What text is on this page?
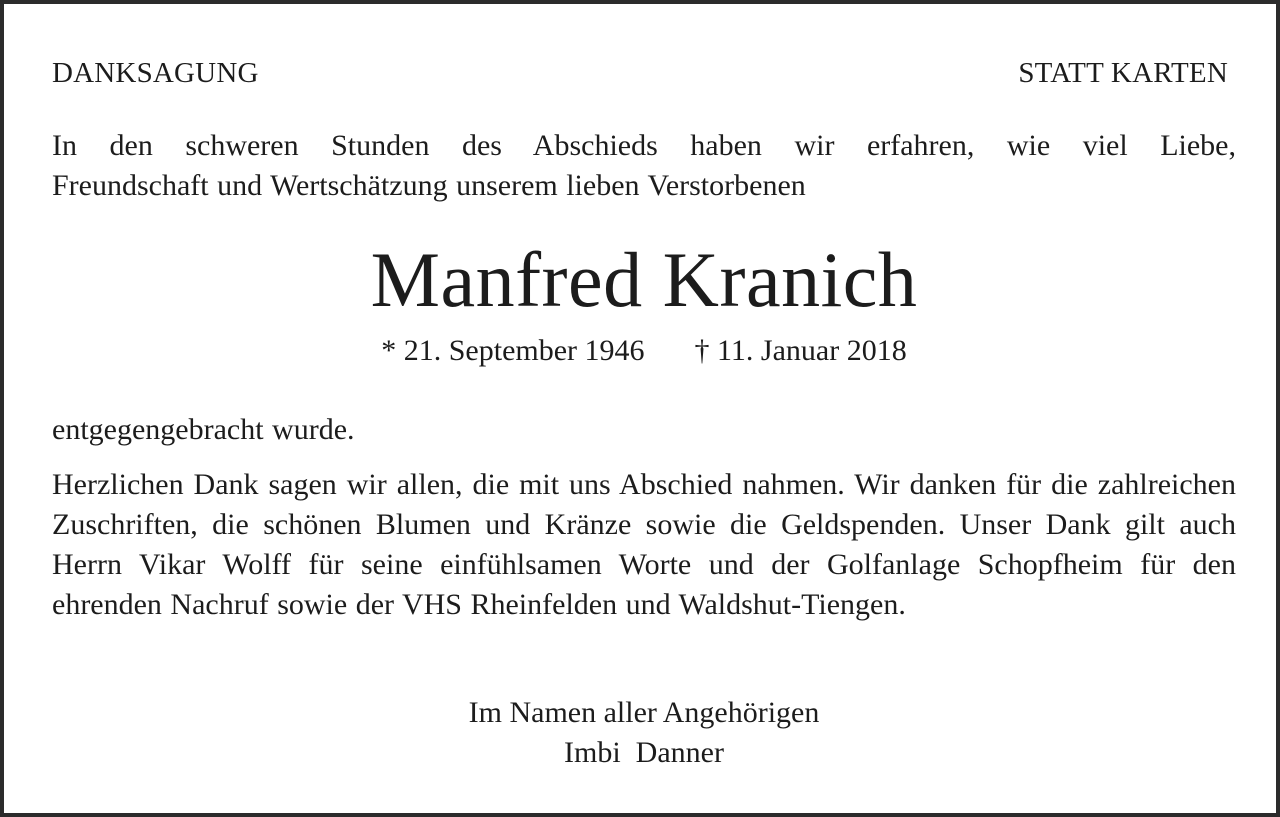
DANKSAGUNG	STATT KARTEN
In den schweren Stunden des Abschieds haben wir erfahren, wie viel Liebe,
Freundschaft und Wertschätzung unserem lieben Verstorbenen
Manfred Kranich
* 21. September 1946 † 11. Januar 2018
entgegengebracht wurde.
Herzlichen Dank sagen wir allen, die mit uns Abschied nahmen. Wir danken für die zahlreichen Zuschriften, die schönen Blumen und Kränze sowie die Geldspenden. Unser Dank gilt auch Herrn Vikar Wolff für seine einfühlsamen Worte und der Golfanlage Schopfheim für den ehrenden Nachruf sowie der VHS Rheinfelden und Waldshut-Tiengen.
Im Namen aller Angehörigen
Imbi  Danner
